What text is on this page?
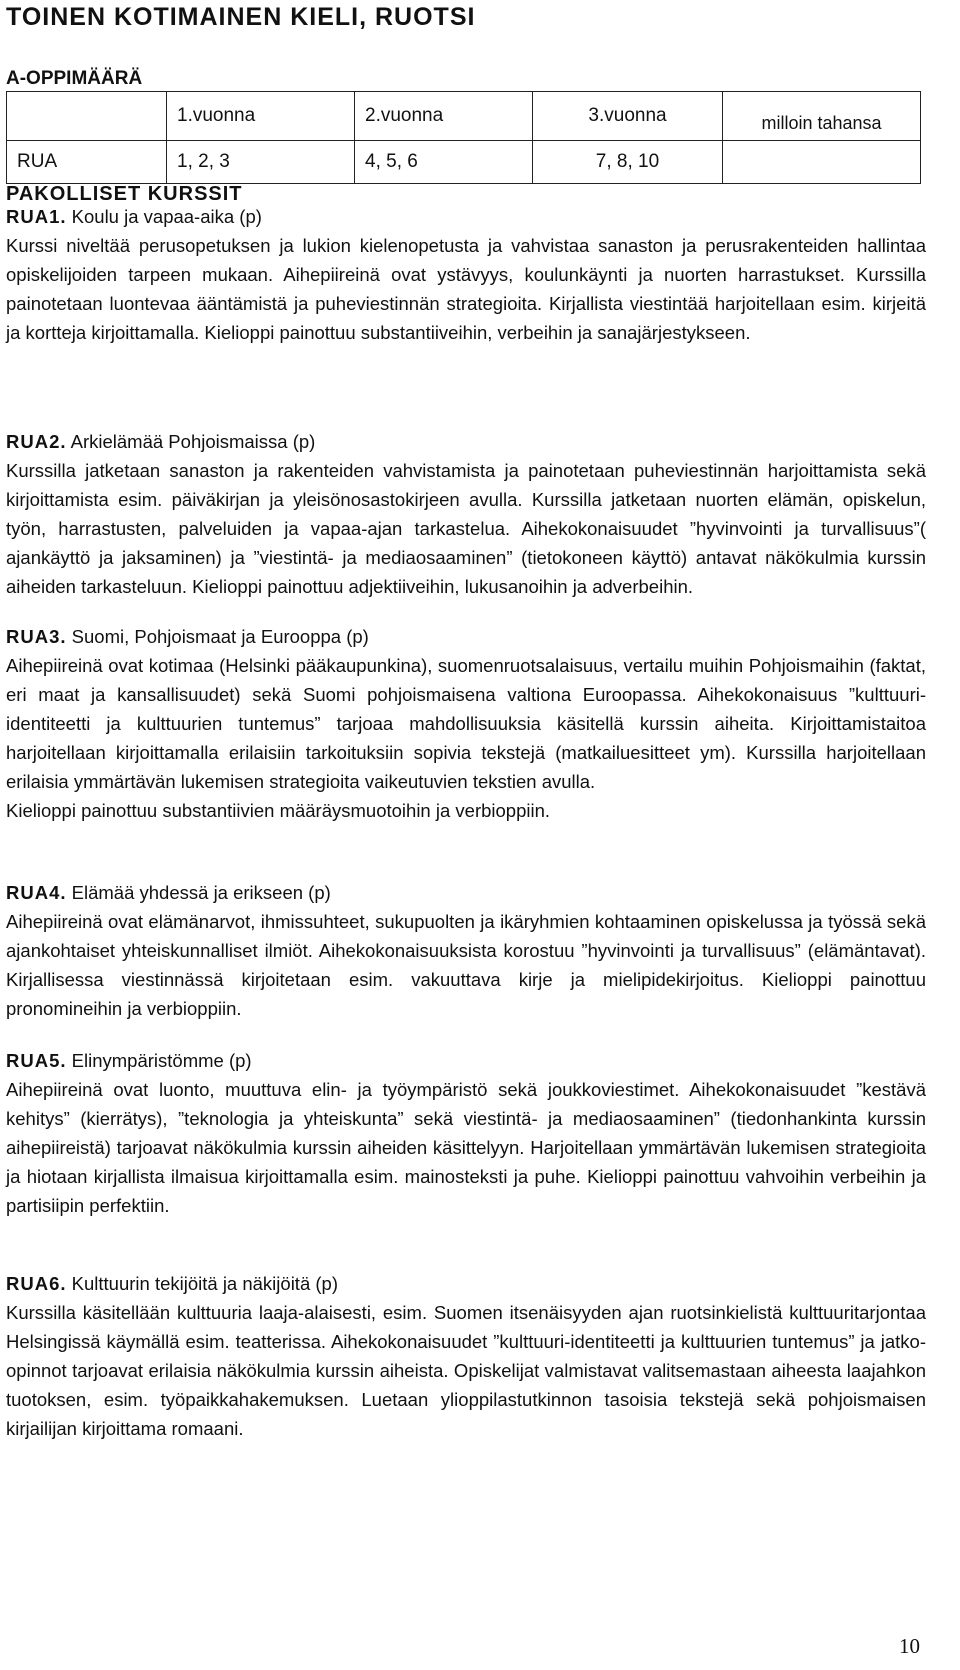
TOINEN KOTIMAINEN KIELI, RUOTSI
A-OPPIMÄÄRÄ
	1.vuonna	2.vuonna	3.vuonna	milloin tahansa
RUA	1, 2, 3	4, 5, 6	7, 8, 10	
PAKOLLISET KURSSIT

RUA1. Koulu ja vapaa-aika (p)

Kurssi niveltää perusopetuksen ja lukion kielenopetusta ja vahvistaa sanaston ja perusrakenteiden hallintaa opiskelijoiden tarpeen mukaan. Aihepiireinä ovat ystävyys, koulunkäynti ja nuorten harrastukset. Kurssilla painotetaan luontevaa ääntämistä ja puheviestinnän strategioita. Kirjallista viestintää harjoitellaan esim. kirjeitä ja kortteja kirjoittamalla. Kielioppi painottuu substantiiveihin, verbeihin ja sanajärjestykseen.

RUA2. Arkielämää Pohjoismaissa (p)

Kurssilla jatketaan sanaston ja rakenteiden vahvistamista ja painotetaan puheviestinnän harjoittamista sekä kirjoittamista esim. päiväkirjan ja yleisönosastokirjeen avulla. Kurssilla jatketaan nuorten elämän, opiskelun, työn, harrastusten, palveluiden ja vapaa-ajan tarkastelua. Aihekokonaisuudet ”hyvinvointi ja turvallisuus”( ajankäyttö ja jaksaminen) ja ”viestintä- ja mediaosaaminen” (tietokoneen käyttö) antavat näkökulmia kurssin aiheiden tarkasteluun. Kielioppi painottuu adjektiiveihin, lukusanoihin ja adverbeihin.

RUA3. Suomi, Pohjoismaat ja Eurooppa (p)

Aihepiireinä ovat kotimaa (Helsinki pääkaupunkina), suomenruotsalaisuus, vertailu muihin Pohjoismaihin (faktat, eri maat ja kansallisuudet) sekä Suomi pohjoismaisena valtiona Euroopassa. Aihekokonaisuus ”kulttuuri-identiteetti ja kulttuurien tuntemus” tarjoaa mahdollisuuksia käsitellä kurssin aiheita. Kirjoittamistaitoa harjoitellaan kirjoittamalla erilaisiin tarkoituksiin sopivia tekstejä (matkailuesitteet ym). Kurssilla harjoitellaan erilaisia ymmärtävän lukemisen strategioita vaikeutuvien tekstien avulla.

Kielioppi painottuu substantiivien määräysmuotoihin ja verbioppiin.

RUA4. Elämää yhdessä ja erikseen (p)

Aihepiireinä ovat elämänarvot, ihmissuhteet, sukupuolten ja ikäryhmien kohtaaminen opiskelussa ja työssä sekä ajankohtaiset yhteiskunnalliset ilmiöt. Aihekokonaisuuksista korostuu ”hyvinvointi ja turvallisuus” (elämäntavat). Kirjallisessa viestinnässä kirjoitetaan esim. vakuuttava kirje ja mielipidekirjoitus. Kielioppi painottuu pronomineihin ja verbioppiin.

RUA5. Elinympäristömme (p)

Aihepiireinä ovat luonto, muuttuva elin- ja työympäristö sekä joukkoviestimet. Aihekokonaisuudet ”kestävä kehitys” (kierrätys), ”teknologia ja yhteiskunta” sekä viestintä- ja mediaosaaminen” (tiedonhankinta kurssin aihepiireistä) tarjoavat näkökulmia kurssin aiheiden käsittelyyn. Harjoitellaan ymmärtävän lukemisen strategioita ja hiotaan kirjallista ilmaisua kirjoittamalla esim. mainosteksti ja puhe. Kielioppi painottuu vahvoihin verbeihin ja partisiipin perfektiin.

RUA6. Kulttuurin tekijöitä ja näkijöitä (p)

Kurssilla käsitellään kulttuuria laaja-alaisesti, esim. Suomen itsenäisyyden ajan ruotsinkielistä kulttuuritarjontaa Helsingissä käymällä esim. teatterissa. Aihekokonaisuudet ”kulttuuri-identiteetti ja kulttuurien tuntemus” ja jatko-opinnot tarjoavat erilaisia näkökulmia kurssin aiheista. Opiskelijat valmistavat valitsemastaan aiheesta laajahkon tuotoksen, esim. työpaikkahakemuksen. Luetaan ylioppilastutkinnon tasoisia tekstejä sekä pohjoismaisen kirjailijan kirjoittama romaani.

10
